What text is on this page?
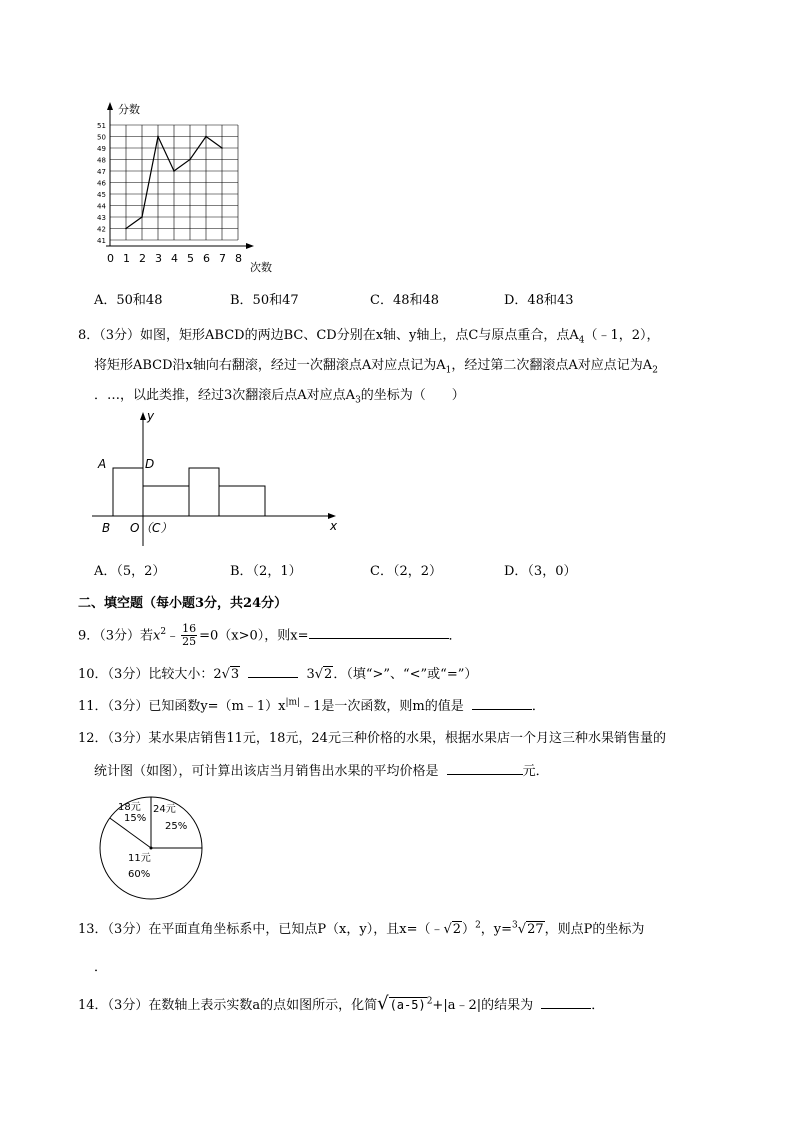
0 1 2 3 4 5 6 7 8
41
42
43
44
45
46
47
48
49
50
51
分数
次数
A．50和48	B．50和47	C．48和48	D．48和43
8．（3分）如图，矩形ABCD的两边BC、CD分别在x轴、y轴上，点C与原点重合，点$A_4(﹣1$，2），
将矩形ABCD沿x轴向右翻滚，经过一次翻滚点A对应点记为$A_1$，经过第二次翻滚点A对应点记为$A_2$
．…，以此类推，经过3次翻滚后点A对应点$A_3$的坐标为（　　）
y
x
A	D
B O （C）
A．（5，2）	B．（2，1）	C．（2，2）	D．（3，0）
二、填空题（每小题3分，共24分）
9．（3分）若$x^2﹣ \frac{16}{25} =0(x>0)$，则x=	．
10．（3分）比较大小：2√3	3√2．（填“>”、“<”或“=”）
11．（3分）已知函数$y=(m﹣1)x^{|m|}﹣1$是一次函数，则m的值是	．
12．（3分）某水果店销售11元，18元，24元三种价格的水果，根据水果店一个月这三种水果销售量的
统计图（如图），可计算出该店当月销售出水果的平均价格是	元．
18元
15%
24元
25%
11元
60%
13．（3分）在平面直角坐标系中，已知点P（x，y），且x=（﹣√2）$^2$，y=$^3$√27，则点P的坐标为
．
14．（3分）在数轴上表示实数a的点如图所示，化简$√(a-5)^2+|a﹣2|$的结果为	．
